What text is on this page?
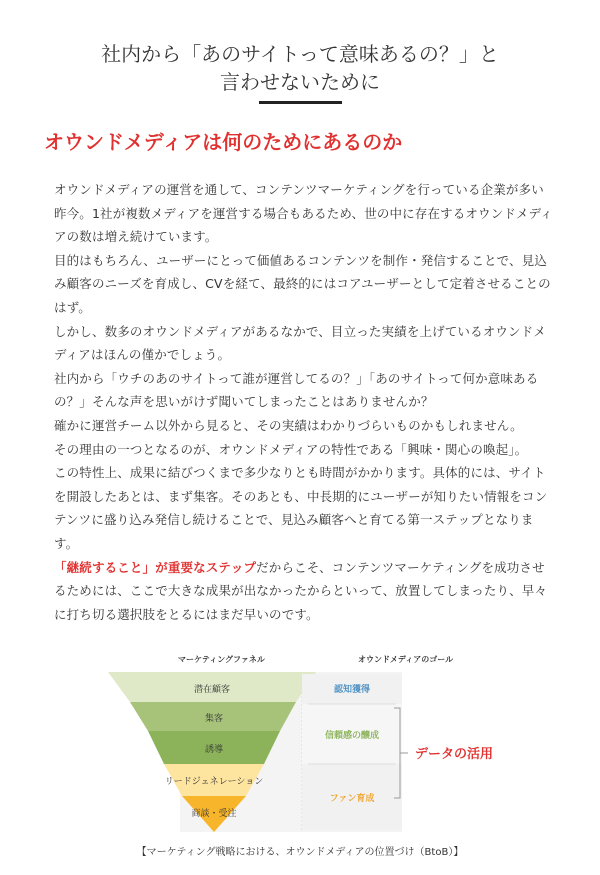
社内から「あのサイトって意味あるの？」と
言わせないために
オウンドメディアは何のためにあるのか

オウンドメディアの運営を通して、コンテンツマーケティングを行っている企業が多い昨今。1社が複数メディアを運営する場合もあるため、世の中に存在するオウンドメディアの数は増え続けています。

目的はもちろん、ユーザーにとって価値あるコンテンツを制作・発信することで、見込み顧客のニーズを育成し、CVを経て、最終的にはコアユーザーとして定着させることのはず。

しかし、数多のオウンドメディアがあるなかで、目立った実績を上げているオウンドメディアはほんの僅かでしょう。

社内から「ウチのあのサイトって誰が運営してるの？」「あのサイトって何か意味あるの？」そんな声を思いがけず聞いてしまったことはありませんか？

確かに運営チーム以外から見ると、その実績はわかりづらいものかもしれません。

その理由の一つとなるのが、オウンドメディアの特性である「興味・関心の喚起」。

この特性上、成果に結びつくまで多少なりとも時間がかかります。具体的には、サイトを開設したあとは、まず集客。そのあとも、中長期的にユーザーが知りたい情報をコンテンツに盛り込み発信し続けることで、見込み顧客へと育てる第一ステップとなります。

「継続すること」が重要なステップだからこそ、コンテンツマーケティングを成功させるためには、ここで大きな成果が出なかったからといって、放置してしまったり、早々に打ち切る選択肢をとるにはまだ早いのです。

マーケティングファネル	オウンドメディアのゴール
潜在顧客
集客
誘導
リードジェネレーション
商談・受注
認知獲得
信頼感の醸成
ファン育成
データの活用
【マーケティング戦略における、オウンドメディアの位置づけ（BtoB）】
